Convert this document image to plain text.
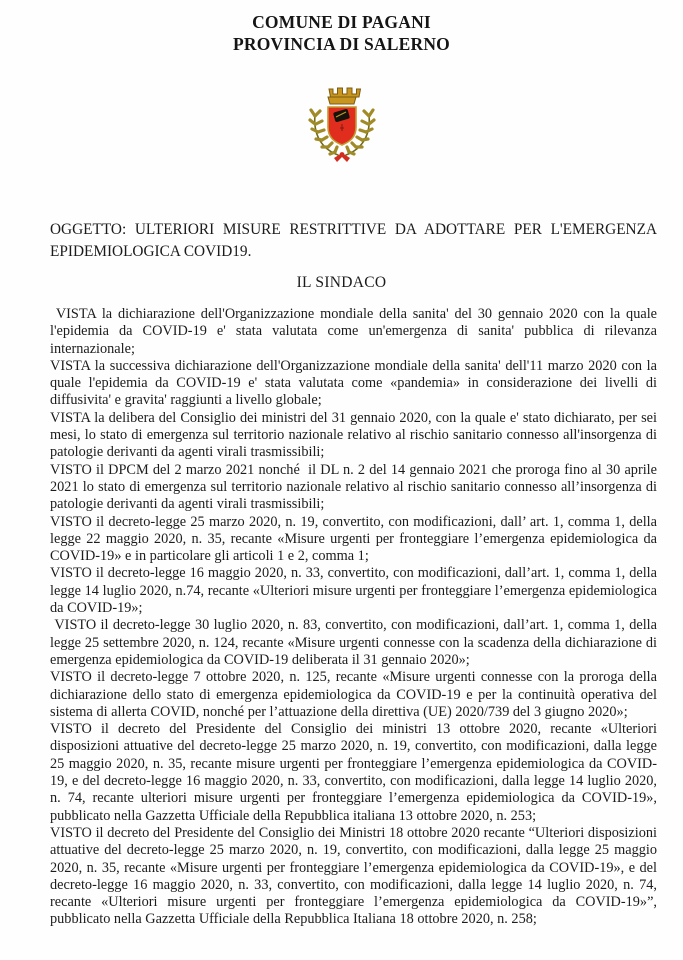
COMUNE DI PAGANI
PROVINCIA DI SALERNO

OGGETTO: ULTERIORI MISURE RESTRITTIVE DA ADOTTARE PER L'EMERGENZA EPIDEMIOLOGICA COVID19.

IL SINDACO

VISTA la dichiarazione dell'Organizzazione mondiale della sanita' del 30 gennaio 2020 con la quale l'epidemia da COVID-19 e' stata valutata come un'emergenza di sanita' pubblica di rilevanza internazionale;

VISTA la successiva dichiarazione dell'Organizzazione mondiale della sanita' dell'11 marzo 2020 con la quale l'epidemia da COVID-19 e' stata valutata come «pandemia» in considerazione dei livelli di diffusivita' e gravita' raggiunti a livello globale;

VISTA la delibera del Consiglio dei ministri del 31 gennaio 2020, con la quale e' stato dichiarato, per sei mesi, lo stato di emergenza sul territorio nazionale relativo al rischio sanitario connesso all'insorgenza di patologie derivanti da agenti virali trasmissibili;

VISTO il DPCM del 2 marzo 2021 nonché  il DL n. 2 del 14 gennaio 2021 che proroga fino al 30 aprile 2021 lo stato di emergenza sul territorio nazionale relativo al rischio sanitario connesso all’insorgenza di patologie derivanti da agenti virali trasmissibili;

VISTO il decreto-legge 25 marzo 2020, n. 19, convertito, con modificazioni, dall’ art. 1, comma 1, della legge 22 maggio 2020, n. 35, recante «Misure urgenti per fronteggiare l’emergenza epidemiologica da COVID-19» e in particolare gli articoli 1 e 2, comma 1;

VISTO il decreto-legge 16 maggio 2020, n. 33, convertito, con modificazioni, dall’art. 1, comma 1, della legge 14 luglio 2020, n.74, recante «Ulteriori misure urgenti per fronteggiare l’emergenza epidemiologica da COVID-19»;

VISTO il decreto-legge 30 luglio 2020, n. 83, convertito, con modificazioni, dall’art. 1, comma 1, della legge 25 settembre 2020, n. 124, recante «Misure urgenti connesse con la scadenza della dichiarazione di emergenza epidemiologica da COVID-19 deliberata il 31 gennaio 2020»;

VISTO il decreto-legge 7 ottobre 2020, n. 125, recante «Misure urgenti connesse con la proroga della dichiarazione dello stato di emergenza epidemiologica da COVID-19 e per la continuità operativa del sistema di allerta COVID, nonché per l’attuazione della direttiva (UE) 2020/739 del 3 giugno 2020»;

VISTO il decreto del Presidente del Consiglio dei ministri 13 ottobre 2020, recante «Ulteriori disposizioni attuative del decreto-legge 25 marzo 2020, n. 19, convertito, con modificazioni, dalla legge 25 maggio 2020, n. 35, recante misure urgenti per fronteggiare l’emergenza epidemiologica da COVID-19, e del decreto-legge 16 maggio 2020, n. 33, convertito, con modificazioni, dalla legge 14 luglio 2020, n. 74, recante ulteriori misure urgenti per fronteggiare l’emergenza epidemiologica da COVID-19», pubblicato nella Gazzetta Ufficiale della Repubblica italiana 13 ottobre 2020, n. 253;

VISTO il decreto del Presidente del Consiglio dei Ministri 18 ottobre 2020 recante “Ulteriori disposizioni attuative del decreto-legge 25 marzo 2020, n. 19, convertito, con modificazioni, dalla legge 25 maggio 2020, n. 35, recante «Misure urgenti per fronteggiare l’emergenza epidemiologica da COVID-19», e del decreto-legge 16 maggio 2020, n. 33, convertito, con modificazioni, dalla legge 14 luglio 2020, n. 74, recante «Ulteriori misure urgenti per fronteggiare l’emergenza epidemiologica da COVID-19»”, pubblicato nella Gazzetta Ufficiale della Repubblica Italiana 18 ottobre 2020, n. 258;
